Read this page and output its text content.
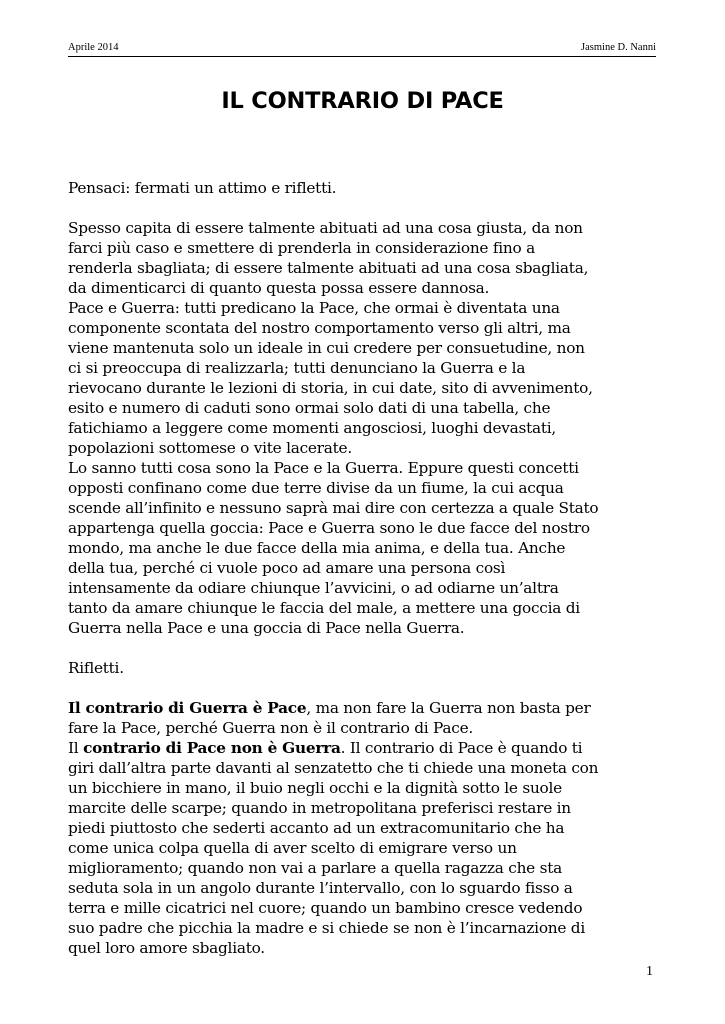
Aprile 2014	Jasmine D. Nanni
IL CONTRARIO DI PACE
Pensaci: fermati un attimo e rifletti.
Spesso capita di essere talmente abituati ad una cosa giusta, da non
farci più caso e smettere di prenderla in considerazione fino a
renderla sbagliata; di essere talmente abituati ad una cosa sbagliata,
da dimenticarci di quanto questa possa essere dannosa.
Pace e Guerra: tutti predicano la Pace, che ormai è diventata una
componente scontata del nostro comportamento verso gli altri, ma
viene mantenuta solo un ideale in cui credere per consuetudine, non
ci si preoccupa di realizzarla; tutti denunciano la Guerra e la
rievocano durante le lezioni di storia, in cui date, sito di avvenimento,
esito e numero di caduti sono ormai solo dati di una tabella, che
fatichiamo a leggere come momenti angosciosi, luoghi devastati,
popolazioni sottomese o vite lacerate.
Lo sanno tutti cosa sono la Pace e la Guerra. Eppure questi concetti
opposti confinano come due terre divise da un fiume, la cui acqua
scende all’infinito e nessuno saprà mai dire con certezza a quale Stato
appartenga quella goccia: Pace e Guerra sono le due facce del nostro
mondo, ma anche le due facce della mia anima, e della tua. Anche
della tua, perché ci vuole poco ad amare una persona così
intensamente da odiare chiunque l’avvicini, o ad odiarne un’altra
tanto da amare chiunque le faccia del male, a mettere una goccia di
Guerra nella Pace e una goccia di Pace nella Guerra.
Rifletti.
Il contrario di Guerra è Pace, ma non fare la Guerra non basta per
fare la Pace, perché Guerra non è il contrario di Pace.
Il contrario di Pace non è Guerra. Il contrario di Pace è quando ti
giri dall’altra parte davanti al senzatetto che ti chiede una moneta con
un bicchiere in mano, il buio negli occhi e la dignità sotto le suole
marcite delle scarpe; quando in metropolitana preferisci restare in
piedi piuttosto che sederti accanto ad un extracomunitario che ha
come unica colpa quella di aver scelto di emigrare verso un
miglioramento; quando non vai a parlare a quella ragazza che sta
seduta sola in un angolo durante l’intervallo, con lo sguardo fisso a
terra e mille cicatrici nel cuore; quando un bambino cresce vedendo
suo padre che picchia la madre e si chiede se non è l’incarnazione di
quel loro amore sbagliato.
1
